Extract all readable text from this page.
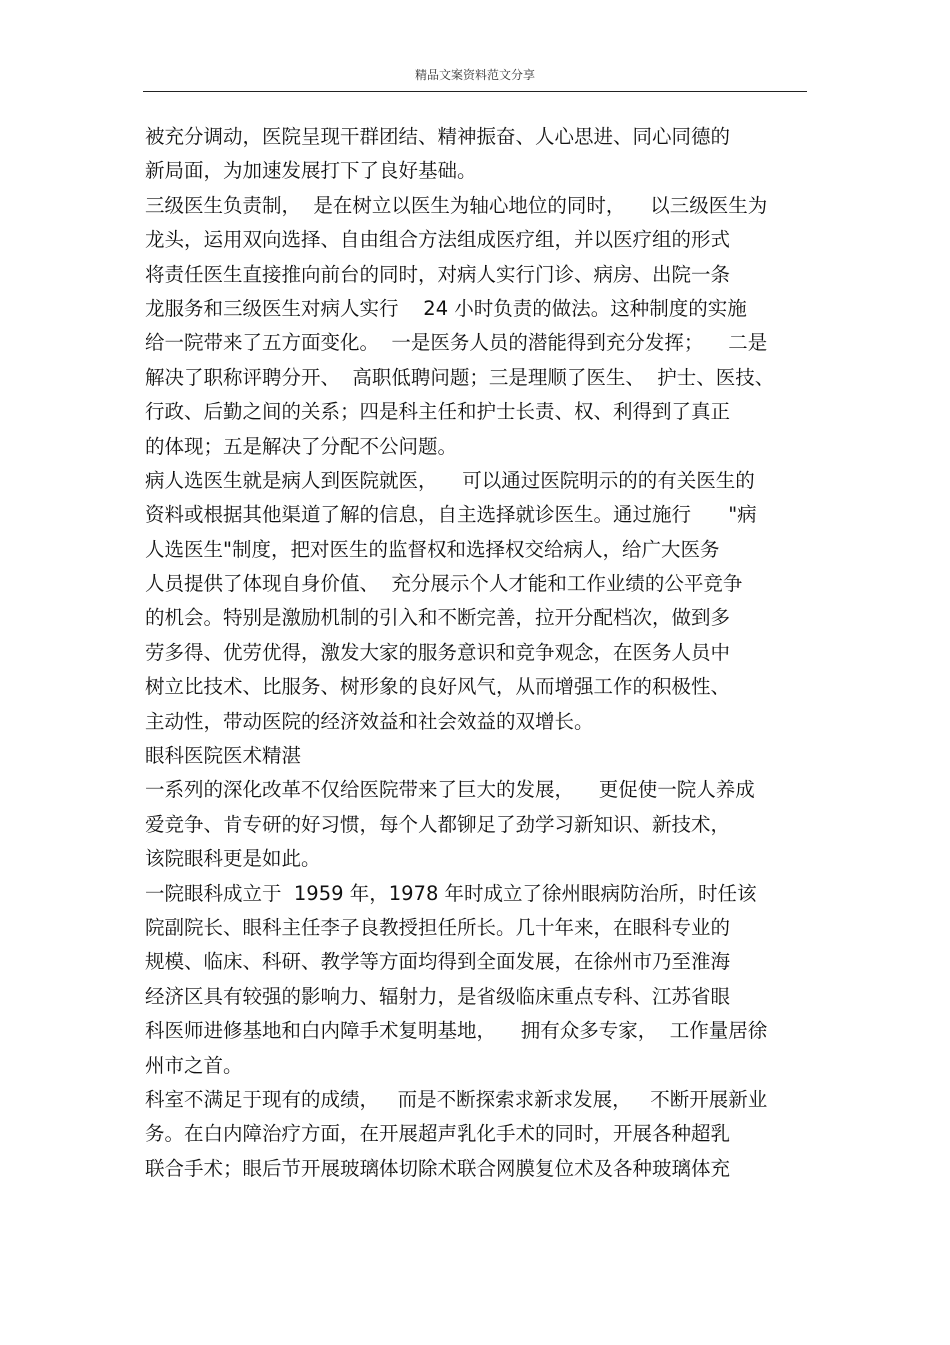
精品文案资料范文分享
被充分调动，医院呈现干群团结、精神振奋、人心思进、同心同德的
新局面，为加速发展打下了良好基础。
三级医生负责制，  是在树立以医生为轴心地位的同时，    以三级医生为
龙头，运用双向选择、自由组合方法组成医疗组，并以医疗组的形式
将责任医生直接推向前台的同时，对病人实行门诊、病房、出院一条
龙服务和三级医生对病人实行    24 小时负责的做法。这种制度的实施
给一院带来了五方面变化。  一是医务人员的潜能得到充分发挥；    二是
解决了职称评聘分开、  高职低聘问题；三是理顺了医生、  护士、医技、
行政、后勤之间的关系；四是科主任和护士长责、权、利得到了真正
的体现；五是解决了分配不公问题。
病人选医生就是病人到医院就医，    可以通过医院明示的的有关医生的
资料或根据其他渠道了解的信息，自主选择就诊医生。通过施行      "病
人选医生"制度，把对医生的监督权和选择权交给病人，给广大医务
人员提供了体现自身价值、  充分展示个人才能和工作业绩的公平竞争
的机会。特别是激励机制的引入和不断完善，拉开分配档次，做到多
劳多得、优劳优得，激发大家的服务意识和竞争观念，在医务人员中
树立比技术、比服务、树形象的良好风气，从而增强工作的积极性、
主动性，带动医院的经济效益和社会效益的双增长。
眼科医院医术精湛
一系列的深化改革不仅给医院带来了巨大的发展，    更促使一院人养成
爱竞争、肯专研的好习惯，每个人都铆足了劲学习新知识、新技术，
该院眼科更是如此。
一院眼科成立于  1959 年，1978 年时成立了徐州眼病防治所，时任该
院副院长、眼科主任李子良教授担任所长。几十年来，在眼科专业的
规模、临床、科研、教学等方面均得到全面发展，在徐州市乃至淮海
经济区具有较强的影响力、辐射力，是省级临床重点专科、江苏省眼
科医师进修基地和白内障手术复明基地，    拥有众多专家，  工作量居徐
州市之首。
科室不满足于现有的成绩，   而是不断探索求新求发展，   不断开展新业
务。在白内障治疗方面，在开展超声乳化手术的同时，开展各种超乳
联合手术；眼后节开展玻璃体切除术联合网膜复位术及各种玻璃体充
